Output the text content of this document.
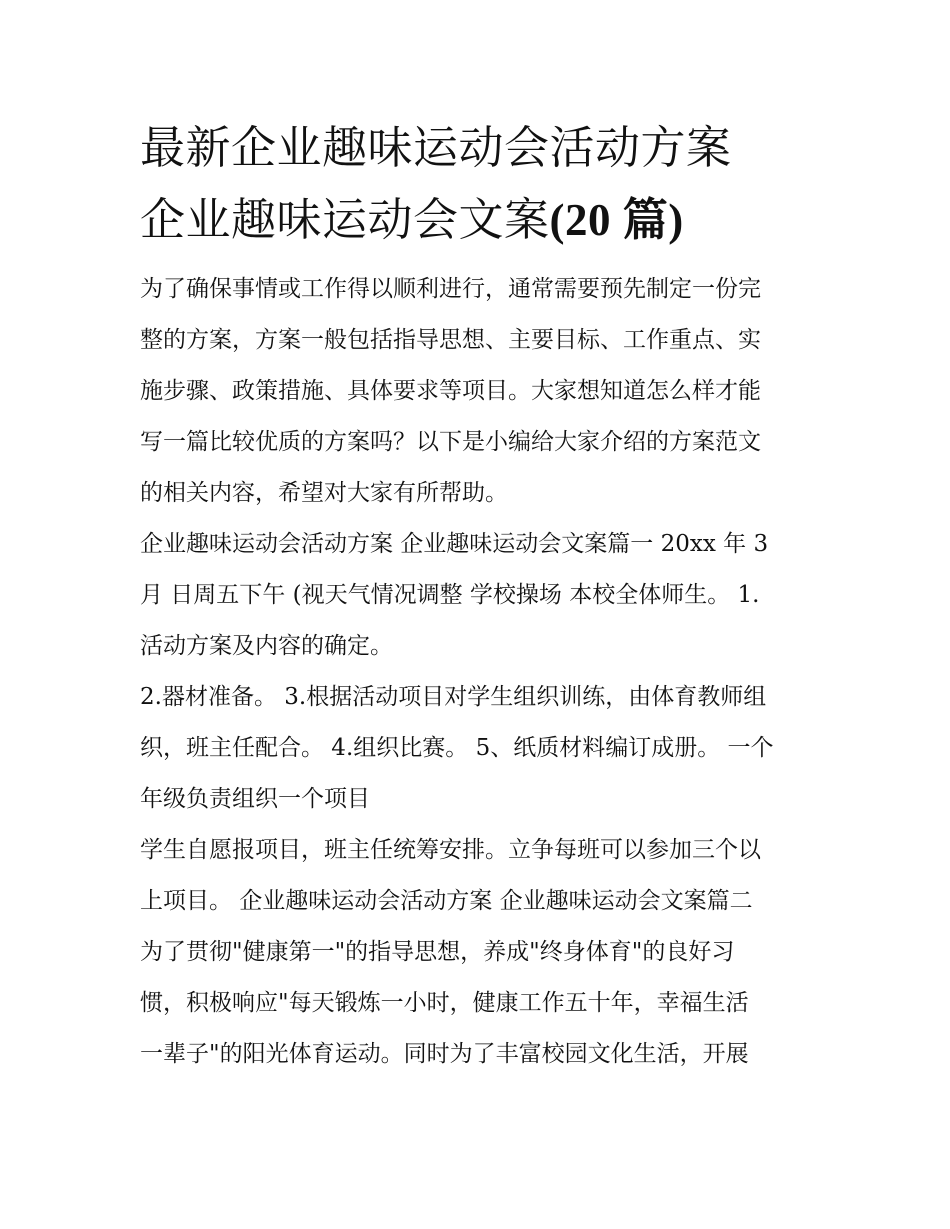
最新企业趣味运动会活动方案
企业趣味运动会文案(20 篇)

为了确保事情或工作得以顺利进行，通常需要预先制定一份完
整的方案，方案一般包括指导思想、主要目标、工作重点、实
施步骤、政策措施、具体要求等项目。大家想知道怎么样才能
写一篇比较优质的方案吗？以下是小编给大家介绍的方案范文
的相关内容，希望对大家有所帮助。

企业趣味运动会活动方案 企业趣味运动会文案篇一 20xx 年 3
月 日周五下午 (视天气情况调整 学校操场 本校全体师生。 1.
活动方案及内容的确定。

2.器材准备。 3.根据活动项目对学生组织训练，由体育教师组
织，班主任配合。 4.组织比赛。 5、纸质材料编订成册。 一个
年级负责组织一个项目

学生自愿报项目，班主任统筹安排。立争每班可以参加三个以
上项目。 企业趣味运动会活动方案 企业趣味运动会文案篇二
为了贯彻"健康第一"的指导思想，养成"终身体育"的良好习
惯，积极响应"每天锻炼一小时，健康工作五十年，幸福生活
一辈子"的阳光体育运动。同时为了丰富校园文化生活，开展
